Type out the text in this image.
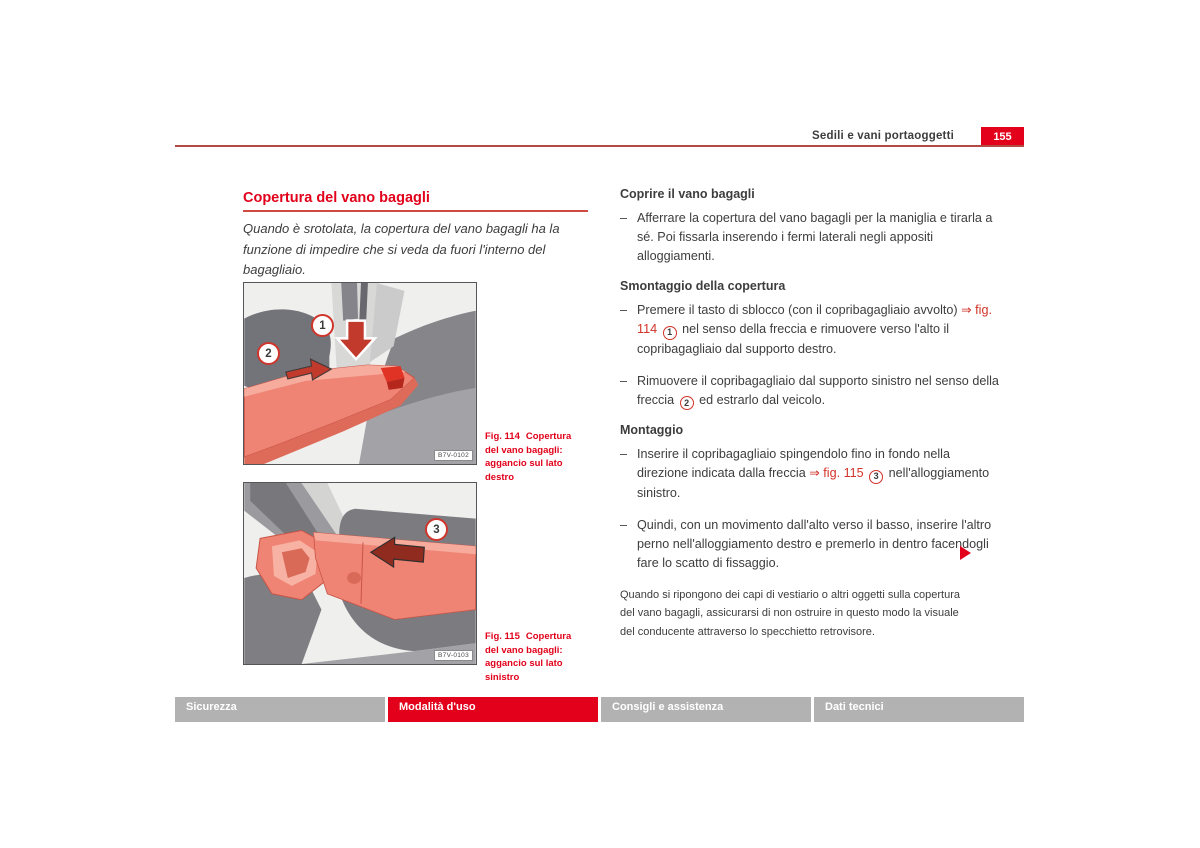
Sedili e vani portaoggetti	155
Copertura del vano bagagli
Quando è srotolata, la copertura del vano bagagli ha la funzione di impedire che si veda da fuori l'interno del bagagliaio.
1
2
B7V-0102
Fig. 114 Copertura del vano bagagli: aggancio sul lato destro
3
B7V-0103
Fig. 115 Copertura del vano bagagli: aggancio sul lato sinistro
Coprire il vano bagagli
– Afferrare la copertura del vano bagagli per la maniglia e tirarla a sé. Poi fissarla inserendo i fermi laterali negli appositi alloggiamenti.

Smontaggio della copertura
– Premere il tasto di sblocco (con il copribagagliaio avvolto) ⇒ fig. 114 1 nel senso della freccia e rimuovere verso l'alto il copribagagliaio dal supporto destro.

– Rimuovere il copribagagliaio dal supporto sinistro nel senso della freccia 2 ed estrarlo dal veicolo.

Montaggio
– Inserire il copribagagliaio spingendolo fino in fondo nella direzione indicata dalla freccia ⇒ fig. 115 3 nell'alloggiamento sinistro.

– Quindi, con un movimento dall'alto verso il basso, inserire l'altro perno nell'alloggiamento destro e premerlo in dentro facendogli fare lo scatto di fissaggio.

Quando si ripongono dei capi di vestiario o altri oggetti sulla copertura del vano bagagli, assicurarsi di non ostruire in questo modo la visuale del conducente attraverso lo specchietto retrovisore.
Sicurezza	Modalità d'uso	Consigli e assistenza	Dati tecnici
